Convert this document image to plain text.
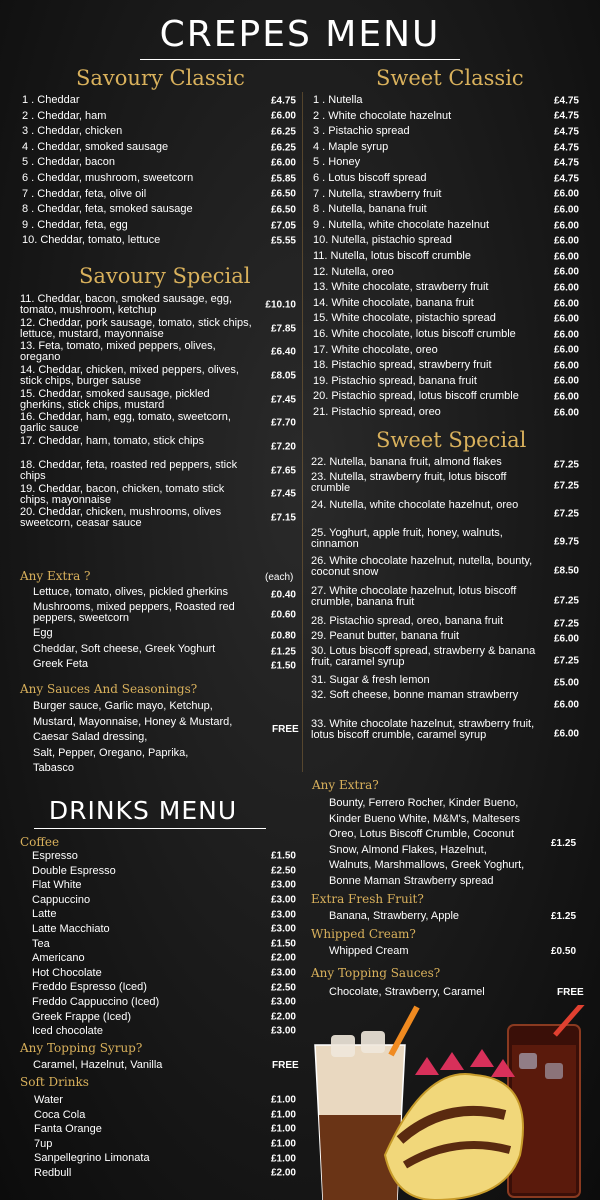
CREPES MENU
Savoury Classic
1 . Cheddar	£4.75
2 . Cheddar, ham	£6.00
3 . Cheddar, chicken	£6.25
4 . Cheddar, smoked sausage	£6.25
5 . Cheddar, bacon	£6.00
6 . Cheddar, mushroom, sweetcorn	£5.85
7 . Cheddar, feta, olive oil	£6.50
8 . Cheddar, feta, smoked sausage	£6.50
9 . Cheddar, feta, egg	£7.05
10. Cheddar, tomato, lettuce	£5.55
Savoury Special
11. Cheddar, bacon, smoked sausage, egg, tomato, mushroom, ketchup	£10.10
12. Cheddar, pork sausage, tomato, stick chips, lettuce, mustard, mayonnaise	£7.85
13. Feta, tomato, mixed peppers, olives, oregano	£6.40
14. Cheddar, chicken, mixed peppers, olives, stick chips, burger sause	£8.05
15. Cheddar, smoked sausage, pickled gherkins, stick chips, mustard	£7.45
16. Cheddar, ham, egg, tomato, sweetcorn, garlic sauce	£7.70
17. Cheddar, ham, tomato, stick chips	£7.20
18. Cheddar, feta, roasted red peppers, stick chips	£7.65
19. Cheddar, bacon, chicken, tomato stick chips, mayonnaise	£7.45
20. Cheddar, chicken, mushrooms, olives sweetcorn, ceasar sauce	£7.15
Any Extra ?	(each)
Lettuce, tomato, olives, pickled gherkins	£0.40
Mushrooms, mixed peppers, Roasted red peppers, sweetcorn	£0.60
Egg	£0.80
Cheddar, Soft cheese, Greek Yoghurt	£1.25
Greek Feta	£1.50
Any Sauces And Seasonings?
Burger sauce, Garlic mayo, Ketchup,
Mustard, Mayonnaise, Honey & Mustard,
Caesar Salad dressing,
Salt, Pepper, Oregano, Paprika,
Tabasco
FREE
DRINKS MENU
Coffee
Espresso	£1.50
Double Espresso	£2.50
Flat White	£3.00
Cappuccino	£3.00
Latte	£3.00
Latte Macchiato	£3.00
Tea	£1.50
Americano	£2.00
Hot Chocolate	£3.00
Freddo Espresso (Iced)	£2.50
Freddo Cappuccino (Iced)	£3.00
Greek Frappe (Iced)	£2.00
Iced chocolate	£3.00
Any Topping Syrup?
Caramel, Hazelnut, Vanilla	FREE
Soft Drinks
Water	£1.00
Coca Cola	£1.00
Fanta Orange	£1.00
7up	£1.00
Sanpellegrino Limonata	£1.00
Redbull	£2.00
Sweet Classic
1 . Nutella	£4.75
2 . White chocolate hazelnut	£4.75
3 . Pistachio spread	£4.75
4 . Maple syrup	£4.75
5 . Honey	£4.75
6 . Lotus biscoff spread	£4.75
7 . Nutella, strawberry fruit	£6.00
8 . Nutella, banana fruit	£6.00
9 . Nutella, white chocolate hazelnut	£6.00
10. Nutella, pistachio spread	£6.00
11. Nutella, lotus biscoff crumble	£6.00
12. Nutella, oreo	£6.00
13. White chocolate, strawberry fruit	£6.00
14. White chocolate, banana fruit	£6.00
15. White chocolate, pistachio spread	£6.00
16. White chocolate, lotus biscoff crumble	£6.00
17. White chocolate, oreo	£6.00
18. Pistachio spread, strawberry fruit	£6.00
19. Pistachio spread, banana fruit	£6.00
20. Pistachio spread, lotus biscoff crumble	£6.00
21. Pistachio spread, oreo	£6.00
Sweet Special
22. Nutella, banana fruit, almond flakes	£7.25
23. Nutella, strawberry fruit, lotus biscoff crumble	£7.25
24. Nutella, white chocolate hazelnut, oreo
£7.25
25. Yoghurt, apple fruit, honey, walnuts, cinnamon	£9.75
26. White chocolate hazelnut, nutella, bounty, coconut snow	£8.50
27. White chocolate hazelnut, lotus biscoff crumble, banana fruit	£7.25
28. Pistachio spread, oreo, banana fruit	£7.25
29. Peanut butter, banana fruit	£6.00
30. Lotus biscoff spread, strawberry & banana fruit, caramel syrup	£7.25
31. Sugar & fresh lemon	£5.00
32. Soft cheese, bonne maman strawberry
£6.00
33. White chocolate hazelnut, strawberry fruit, lotus biscoff crumble, caramel syrup	£6.00
Any Extra?
Bounty, Ferrero Rocher, Kinder Bueno,
Kinder Bueno White, M&M's, Maltesers
Oreo, Lotus Biscoff Crumble, Coconut
Snow, Almond Flakes, Hazelnut,
Walnuts, Marshmallows, Greek Yoghurt,
Bonne Maman Strawberry spread
£1.25
Extra Fresh Fruit?
Banana, Strawberry, Apple	£1.25
Whipped Cream?
Whipped Cream	£0.50
Any Topping Sauces?
Chocolate, Strawberry, Caramel	FREE
